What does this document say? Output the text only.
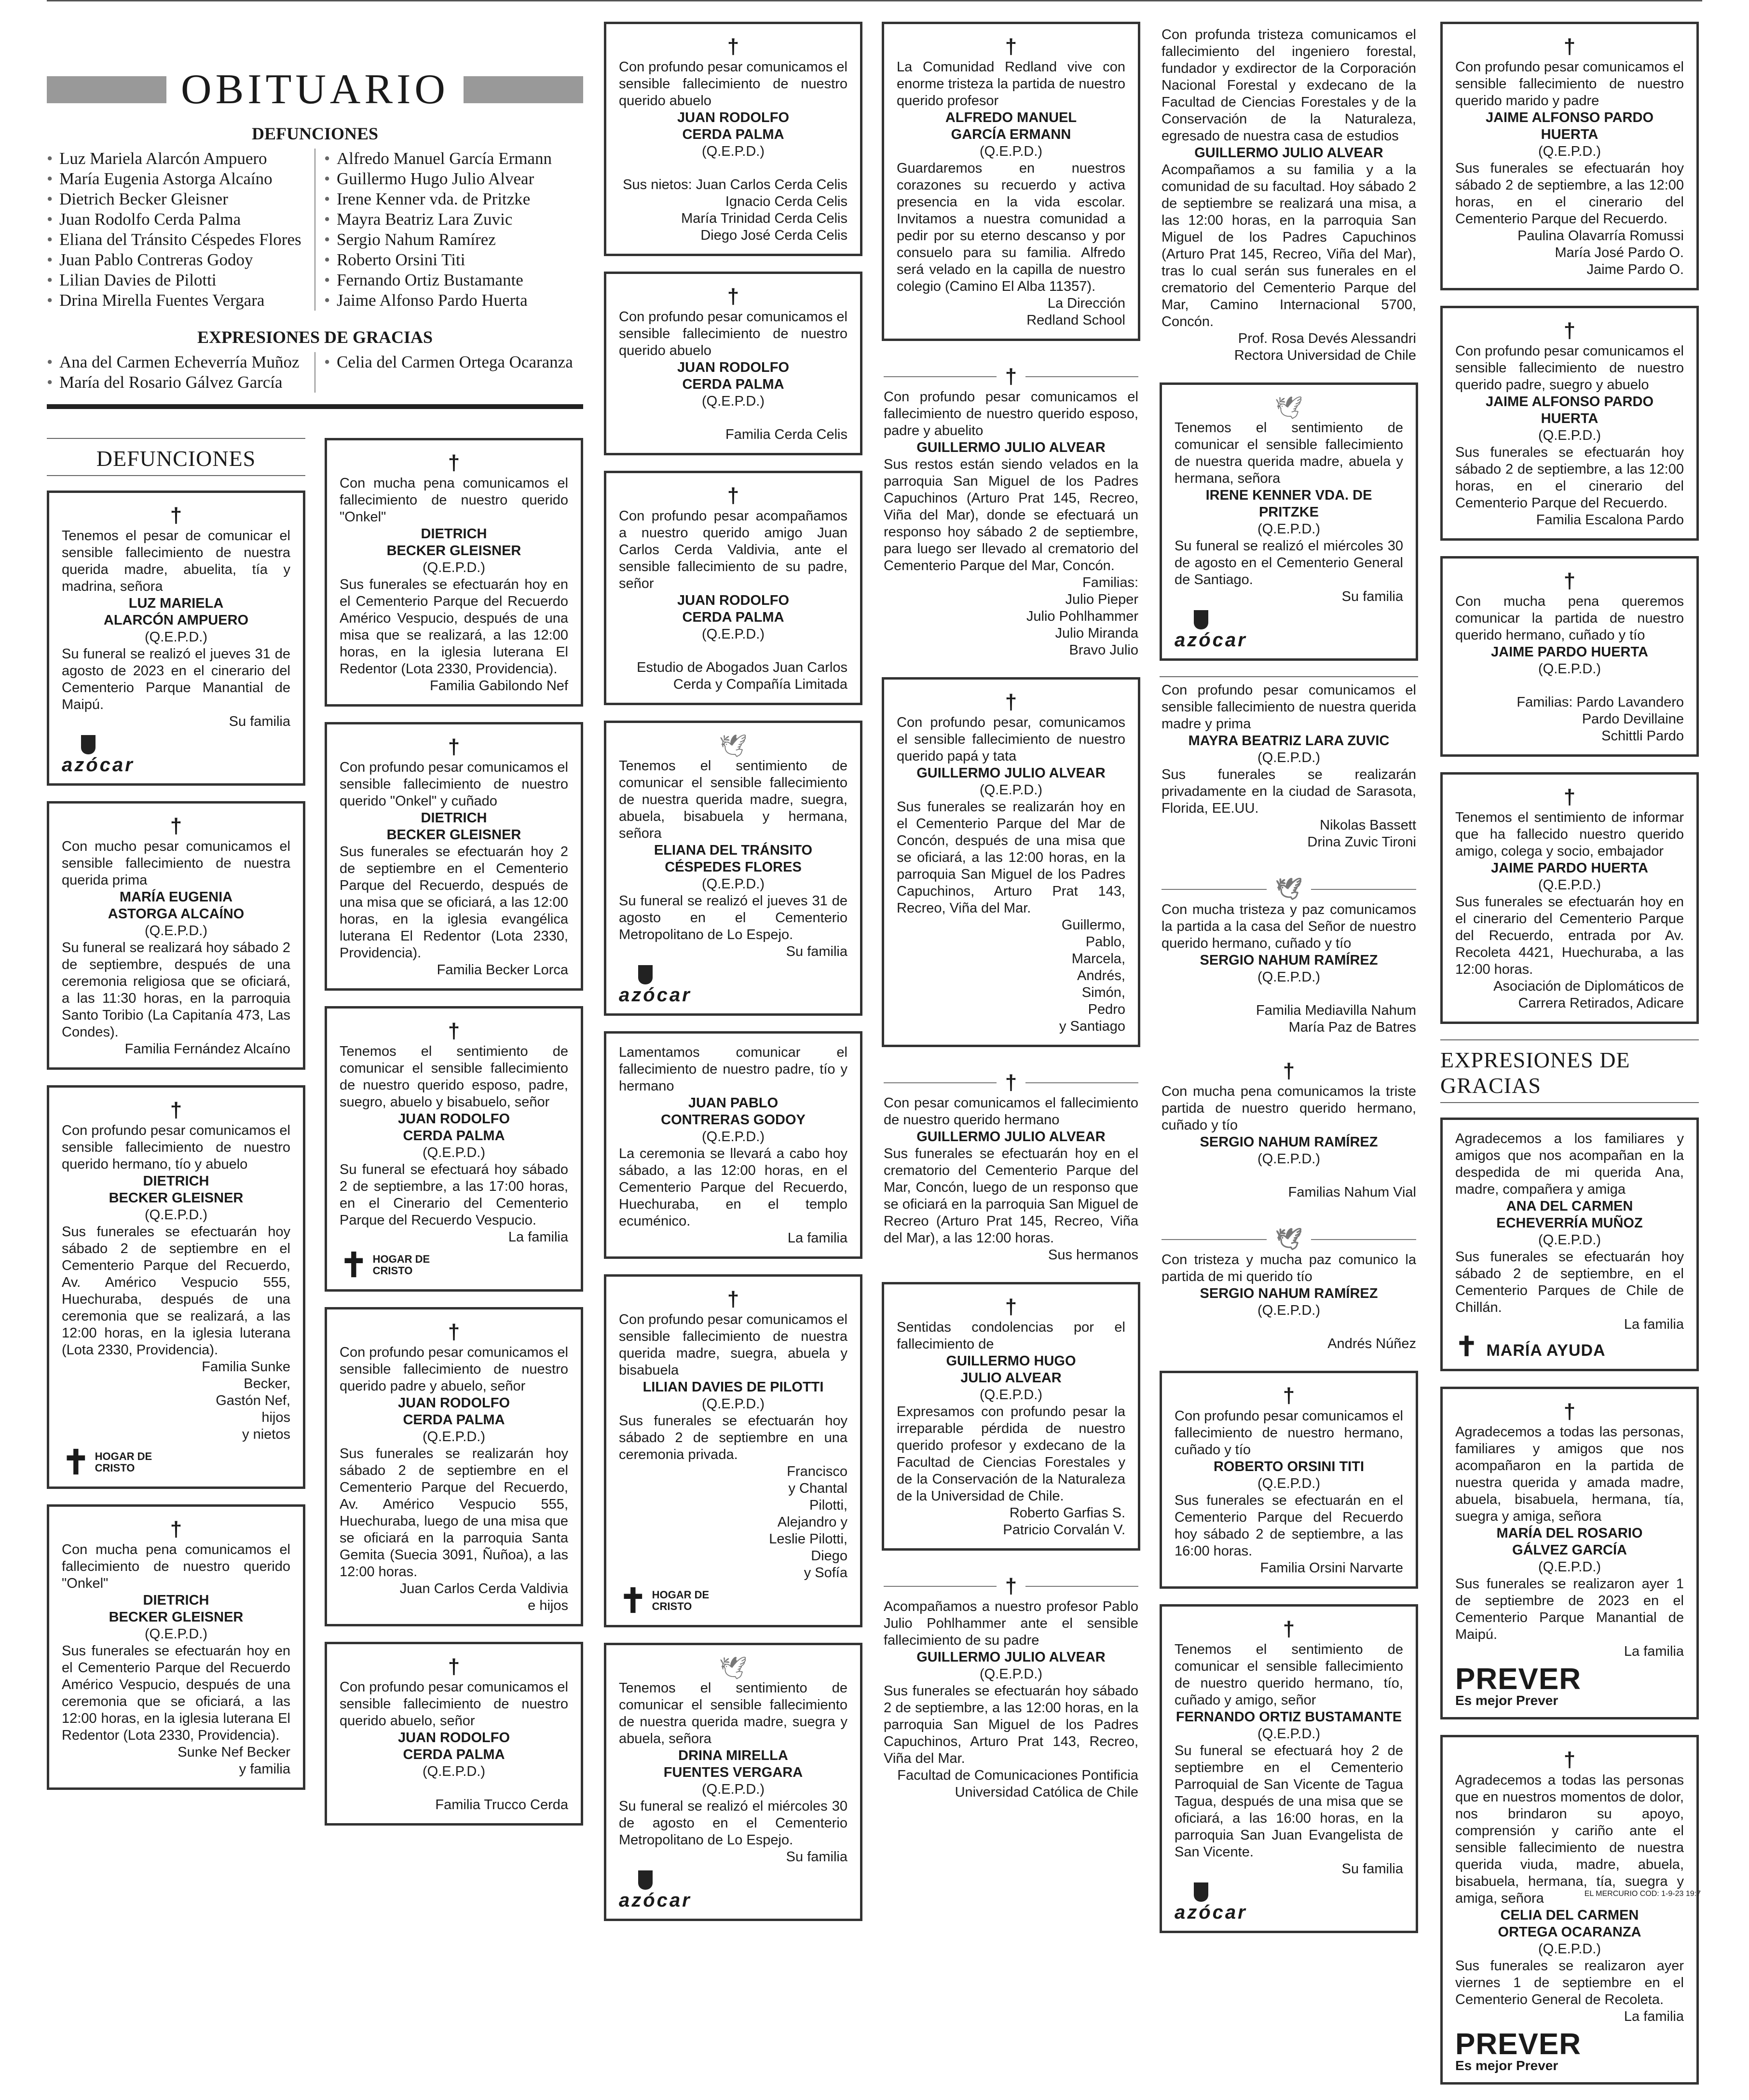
OBITUARIO
DEFUNCIONES
• Luz Mariela Alarcón Ampuero
• María Eugenia Astorga Alcaíno
• Dietrich Becker Gleisner
• Juan Rodolfo Cerda Palma
• Eliana del Tránsito Céspedes Flores
• Juan Pablo Contreras Godoy
• Lilian Davies de Pilotti
• Drina Mirella Fuentes Vergara
• Alfredo Manuel García Ermann
• Guillermo Hugo Julio Alvear
• Irene Kenner vda. de Pritzke
• Mayra Beatriz Lara Zuvic
• Sergio Nahum Ramírez
• Roberto Orsini Titi
• Fernando Ortiz Bustamante
• Jaime Alfonso Pardo Huerta
EXPRESIONES DE GRACIAS
• Ana del Carmen Echeverría Muñoz
• María del Rosario Gálvez García
• Celia del Carmen Ortega Ocaranza
DEFUNCIONES
†
Tenemos el pesar de comunicar el sensible fallecimiento de nuestra querida madre, abuelita, tía y madrina, señora
LUZ MARIELA
ALARCÓN AMPUERO
(Q.E.P.D.)
Su funeral se realizó el jueves 31 de agosto de 2023 en el cinerario del Cementerio Parque Manantial de Maipú.
Su familia
azócar
†
Con mucho pesar comunicamos el sensible fallecimiento de nuestra querida prima
MARÍA EUGENIA
ASTORGA ALCAÍNO
(Q.E.P.D.)
Su funeral se realizará hoy sábado 2 de septiembre, después de una ceremonia religiosa que se oficiará, a las 11:30 horas, en la parroquia Santo Toribio (La Capitanía 473, Las Condes).
Familia Fernández Alcaíno
†
Con profundo pesar comunicamos el sensible fallecimiento de nuestro querido hermano, tío y abuelo
DIETRICH
BECKER GLEISNER
(Q.E.P.D.)
Sus funerales se efectuarán hoy sábado 2 de septiembre en el Cementerio Parque del Recuerdo, Av. Américo Vespucio 555, Huechuraba, después de una ceremonia que se realizará, a las 12:00 horas, en la iglesia luterana (Lota 2330, Providencia).
Familia Sunke
Becker,
Gastón Nef,
hijos
y nietos
✝ HOGAR DE CRISTO
†
Con mucha pena comunicamos el fallecimiento de nuestro querido "Onkel"
DIETRICH
BECKER GLEISNER
(Q.E.P.D.)
Sus funerales se efectuarán hoy en el Cementerio Parque del Recuerdo Américo Vespucio, después de una ceremonia que se oficiará, a las 12:00 horas, en la iglesia luterana El Redentor (Lota 2330, Providencia).
Sunke Nef Becker
y familia
†
Con mucha pena comunicamos el fallecimiento de nuestro querido "Onkel"
DIETRICH
BECKER GLEISNER
(Q.E.P.D.)
Sus funerales se efectuarán hoy en el Cementerio Parque del Recuerdo Américo Vespucio, después de una misa que se realizará, a las 12:00 horas, en la iglesia luterana El Redentor (Lota 2330, Providencia).
Familia Gabilondo Nef
†
Con profundo pesar comunicamos el sensible fallecimiento de nuestro querido "Onkel" y cuñado
DIETRICH
BECKER GLEISNER
Sus funerales se efectuarán hoy 2 de septiembre en el Cementerio Parque del Recuerdo, después de una misa que se oficiará, a las 12:00 horas, en la iglesia evangélica luterana El Redentor (Lota 2330, Providencia).
Familia Becker Lorca
†
Tenemos el sentimiento de comunicar el sensible fallecimiento de nuestro querido esposo, padre, suegro, abuelo y bisabuelo, señor
JUAN RODOLFO
CERDA PALMA
(Q.E.P.D.)
Su funeral se efectuará hoy sábado 2 de septiembre, a las 17:00 horas, en el Cinerario del Cementerio Parque del Recuerdo Vespucio.
La familia
✝ HOGAR DE CRISTO
†
Con profundo pesar comunicamos el sensible fallecimiento de nuestro querido padre y abuelo, señor
JUAN RODOLFO
CERDA PALMA
(Q.E.P.D.)
Sus funerales se realizarán hoy sábado 2 de septiembre en el Cementerio Parque del Recuerdo, Av. Américo Vespucio 555, Huechuraba, luego de una misa que se oficiará en la parroquia Santa Gemita (Suecia 3091, Ñuñoa), a las 12:00 horas.
Juan Carlos Cerda Valdivia
e hijos
†
Con profundo pesar comunicamos el sensible fallecimiento de nuestro querido abuelo, señor
JUAN RODOLFO
CERDA PALMA
(Q.E.P.D.)
Familia Trucco Cerda
†
Con profundo pesar comunicamos el sensible fallecimiento de nuestro querido abuelo
JUAN RODOLFO
CERDA PALMA
(Q.E.P.D.)
Sus nietos: Juan Carlos Cerda Celis
Ignacio Cerda Celis
María Trinidad Cerda Celis
Diego José Cerda Celis
†
Con profundo pesar comunicamos el sensible fallecimiento de nuestro querido abuelo
JUAN RODOLFO
CERDA PALMA
(Q.E.P.D.)
Familia Cerda Celis
†
Con profundo pesar acompañamos a nuestro querido amigo Juan Carlos Cerda Valdivia, ante el sensible fallecimiento de su padre, señor
JUAN RODOLFO
CERDA PALMA
(Q.E.P.D.)
Estudio de Abogados Juan Carlos
Cerda y Compañía Limitada
🕊
Tenemos el sentimiento de comunicar el sensible fallecimiento de nuestra querida madre, suegra, abuela, bisabuela y hermana, señora
ELIANA DEL TRÁNSITO
CÉSPEDES FLORES
(Q.E.P.D.)
Su funeral se realizó el jueves 31 de agosto en el Cementerio Metropolitano de Lo Espejo.
Su familia
azócar
Lamentamos comunicar el fallecimiento de nuestro padre, tío y hermano
JUAN PABLO
CONTRERAS GODOY
(Q.E.P.D.)
La ceremonia se llevará a cabo hoy sábado, a las 12:00 horas, en el Cementerio Parque del Recuerdo, Huechuraba, en el templo ecuménico.
La familia
†
Con profundo pesar comunicamos el sensible fallecimiento de nuestra querida madre, suegra, abuela y bisabuela
LILIAN DAVIES DE PILOTTI
(Q.E.P.D.)
Sus funerales se efectuarán hoy sábado 2 de septiembre en una ceremonia privada.
Francisco
y Chantal
Pilotti,
Alejandro y
Leslie Pilotti,
Diego
y Sofía
✝ HOGAR DE CRISTO
🕊
Tenemos el sentimiento de comunicar el sensible fallecimiento de nuestra querida madre, suegra y abuela, señora
DRINA MIRELLA
FUENTES VERGARA
(Q.E.P.D.)
Su funeral se realizó el miércoles 30 de agosto en el Cementerio Metropolitano de Lo Espejo.
Su familia
azócar
†
La Comunidad Redland vive con enorme tristeza la partida de nuestro querido profesor
ALFREDO MANUEL
GARCÍA ERMANN
(Q.E.P.D.)
Guardaremos en nuestros corazones su recuerdo y activa presencia en la vida escolar. Invitamos a nuestra comunidad a pedir por su eterno descanso y por consuelo para su familia. Alfredo será velado en la capilla de nuestro colegio (Camino El Alba 11357).
La Dirección
Redland School
†
Con profundo pesar comunicamos el fallecimiento de nuestro querido esposo, padre y abuelito
GUILLERMO JULIO ALVEAR
Sus restos están siendo velados en la parroquia San Miguel de los Padres Capuchinos (Arturo Prat 145, Recreo, Viña del Mar), donde se efectuará un responso hoy sábado 2 de septiembre, para luego ser llevado al crematorio del Cementerio Parque del Mar, Concón.
Familias:
Julio Pieper
Julio Pohlhammer
Julio Miranda
Bravo Julio
†
Con profundo pesar, comunicamos el sensible fallecimiento de nuestro querido papá y tata
GUILLERMO JULIO ALVEAR
(Q.E.P.D.)
Sus funerales se realizarán hoy en el Cementerio Parque del Mar de Concón, después de una misa que se oficiará, a las 12:00 horas, en la parroquia San Miguel de los Padres Capuchinos, Arturo Prat 143, Recreo, Viña del Mar.
Guillermo,
Pablo,
Marcela,
Andrés,
Simón,
Pedro
y Santiago
†
Con pesar comunicamos el fallecimiento de nuestro querido hermano
GUILLERMO JULIO ALVEAR
Sus funerales se efectuarán hoy en el crematorio del Cementerio Parque del Mar, Concón, luego de un responso que se oficiará en la parroquia San Miguel de Recreo (Arturo Prat 145, Recreo, Viña del Mar), a las 12:00 horas.
Sus hermanos
†
Sentidas condolencias por el fallecimiento de
GUILLERMO HUGO
JULIO ALVEAR
(Q.E.P.D.)
Expresamos con profundo pesar la irreparable pérdida de nuestro querido profesor y exdecano de la Facultad de Ciencias Forestales y de la Conservación de la Naturaleza de la Universidad de Chile.
Roberto Garfias S.
Patricio Corvalán V.
†
Acompañamos a nuestro profesor Pablo Julio Pohlhammer ante el sensible fallecimiento de su padre
GUILLERMO JULIO ALVEAR
(Q.E.P.D.)
Sus funerales se efectuarán hoy sábado 2 de septiembre, a las 12:00 horas, en la parroquia San Miguel de los Padres Capuchinos, Arturo Prat 143, Recreo, Viña del Mar.
Facultad de Comunicaciones Pontificia
Universidad Católica de Chile
Con profunda tristeza comunicamos el fallecimiento del ingeniero forestal, fundador y exdirector de la Corporación Nacional Forestal y exdecano de la Facultad de Ciencias Forestales y de la Conservación de la Naturaleza, egresado de nuestra casa de estudios
GUILLERMO JULIO ALVEAR
Acompañamos a su familia y a la comunidad de su facultad. Hoy sábado 2 de septiembre se realizará una misa, a las 12:00 horas, en la parroquia San Miguel de los Padres Capuchinos (Arturo Prat 145, Recreo, Viña del Mar), tras lo cual serán sus funerales en el crematorio del Cementerio Parque del Mar, Camino Internacional 5700, Concón.
Prof. Rosa Devés Alessandri
Rectora Universidad de Chile
🕊
Tenemos el sentimiento de comunicar el sensible fallecimiento de nuestra querida madre, abuela y hermana, señora
IRENE KENNER VDA. DE PRITZKE
(Q.E.P.D.)
Su funeral se realizó el miércoles 30 de agosto en el Cementerio General de Santiago.
Su familia
azócar
Con profundo pesar comunicamos el sensible fallecimiento de nuestra querida madre y prima
MAYRA BEATRIZ LARA ZUVIC
(Q.E.P.D.)
Sus funerales se realizarán privadamente en la ciudad de Sarasota, Florida, EE.UU.
Nikolas Bassett
Drina Zuvic Tironi
🕊
Con mucha tristeza y paz comunicamos la partida a la casa del Señor de nuestro querido hermano, cuñado y tío
SERGIO NAHUM RAMÍREZ
(Q.E.P.D.)
Familia Mediavilla Nahum
María Paz de Batres
†
Con mucha pena comunicamos la triste partida de nuestro querido hermano, cuñado y tío
SERGIO NAHUM RAMÍREZ
(Q.E.P.D.)
Familias Nahum Vial
🕊
Con tristeza y mucha paz comunico la partida de mi querido tío
SERGIO NAHUM RAMÍREZ
(Q.E.P.D.)
Andrés Núñez
†
Con profundo pesar comunicamos el fallecimiento de nuestro hermano, cuñado y tío
ROBERTO ORSINI TITI
(Q.E.P.D.)
Sus funerales se efectuarán en el Cementerio Parque del Recuerdo hoy sábado 2 de septiembre, a las 16:00 horas.
Familia Orsini Narvarte
†
Tenemos el sentimiento de comunicar el sensible fallecimiento de nuestro querido hermano, tío, cuñado y amigo, señor
FERNANDO ORTIZ BUSTAMANTE
(Q.E.P.D.)
Su funeral se efectuará hoy 2 de septiembre en el Cementerio Parroquial de San Vicente de Tagua Tagua, después de una misa que se oficiará, a las 16:00 horas, en la parroquia San Juan Evangelista de San Vicente.
Su familia
azócar
†
Con profundo pesar comunicamos el sensible fallecimiento de nuestro querido marido y padre
JAIME ALFONSO PARDO HUERTA
(Q.E.P.D.)
Sus funerales se efectuarán hoy sábado 2 de septiembre, a las 12:00 horas, en el cinerario del Cementerio Parque del Recuerdo.
Paulina Olavarría Romussi
María José Pardo O.
Jaime Pardo O.
†
Con profundo pesar comunicamos el sensible fallecimiento de nuestro querido padre, suegro y abuelo
JAIME ALFONSO PARDO HUERTA
(Q.E.P.D.)
Sus funerales se efectuarán hoy sábado 2 de septiembre, a las 12:00 horas, en el cinerario del Cementerio Parque del Recuerdo.
Familia Escalona Pardo
†
Con mucha pena queremos comunicar la partida de nuestro querido hermano, cuñado y tío
JAIME PARDO HUERTA
(Q.E.P.D.)
Familias: Pardo Lavandero
Pardo Devillaine
Schittli Pardo
†
Tenemos el sentimiento de informar que ha fallecido nuestro querido amigo, colega y socio, embajador
JAIME PARDO HUERTA
(Q.E.P.D.)
Sus funerales se efectuarán hoy en el cinerario del Cementerio Parque del Recuerdo, entrada por Av. Recoleta 4421, Huechuraba, a las 12:00 horas.
Asociación de Diplomáticos de
Carrera Retirados, Adicare
EXPRESIONES DE GRACIAS
Agradecemos a los familiares y amigos que nos acompañan en la despedida de mi querida Ana, madre, compañera y amiga
ANA DEL CARMEN
ECHEVERRÍA MUÑOZ
(Q.E.P.D.)
Sus funerales se efectuarán hoy sábado 2 de septiembre, en el Cementerio Parques de Chile de Chillán.
La familia
✝ MARÍA AYUDA
†
Agradecemos a todas las personas, familiares y amigos que nos acompañaron en la partida de nuestra querida y amada madre, abuela, bisabuela, hermana, tía, suegra y amiga, señora
MARÍA DEL ROSARIO
GÁLVEZ GARCÍA
(Q.E.P.D.)
Sus funerales se realizaron ayer 1 de septiembre de 2023 en el Cementerio Parque Manantial de Maipú.
La familia
PREVER
Es mejor Prever
†
Agradecemos a todas las personas que en nuestros momentos de dolor, nos brindaron su apoyo, comprensión y cariño ante el sensible fallecimiento de nuestra querida viuda, madre, abuela, bisabuela, hermana, tía, suegra y amiga, señora
CELIA DEL CARMEN
ORTEGA OCARANZA
(Q.E.P.D.)
Sus funerales se realizaron ayer viernes 1 de septiembre en el Cementerio General de Recoleta.
La familia
PREVER
Es mejor Prever
EL MERCURIO COD: 1-9-23 19:7
